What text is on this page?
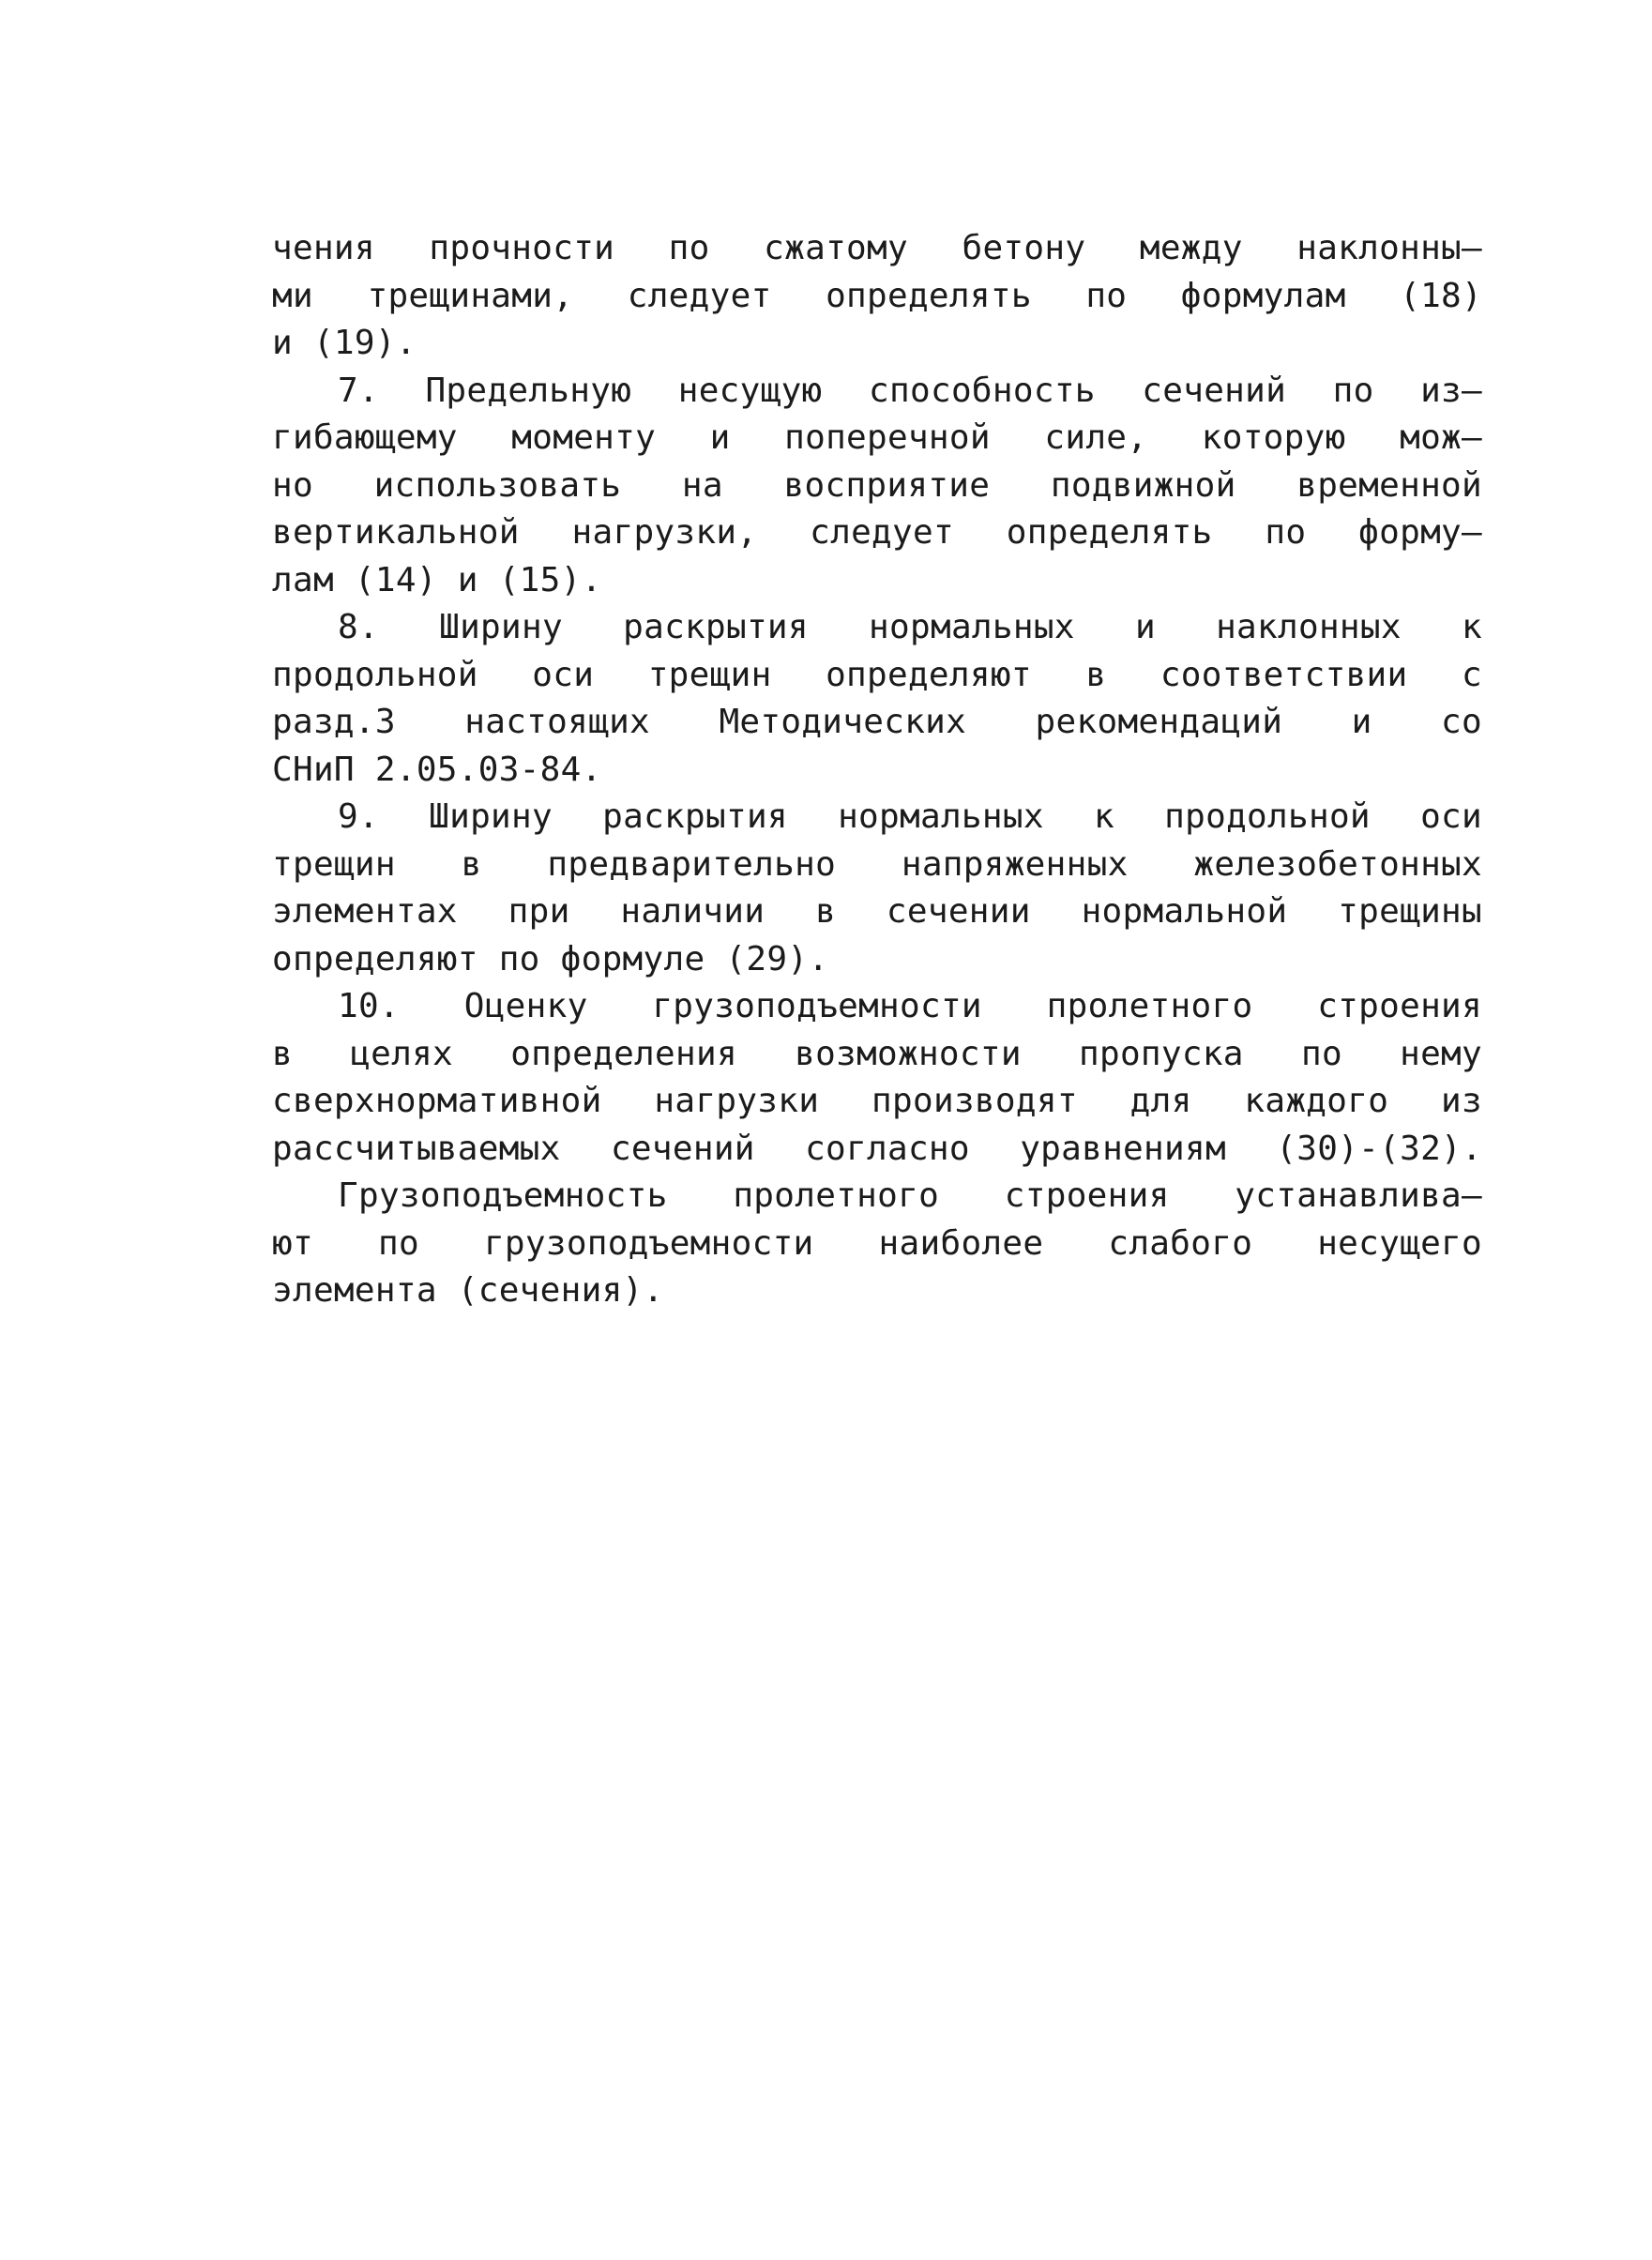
чения прочности по сжатому бетону между наклонны–
ми трещинами, следует определять по формулам (18)
и (19).
7. Предельную несущую способность сечений по из–
гибающему моменту и поперечной силе, которую мож–
но использовать на восприятие подвижной временной
вертикальной нагрузки, следует определять по форму–
лам (14) и (15).
8. Ширину раскрытия нормальных и наклонных к
продольной оси трещин определяют в соответствии с
разд.3 настоящих Методических рекомендаций и со
СНиП 2.05.03-84.
9. Ширину раскрытия нормальных к продольной оси
трещин в предварительно напряженных железобетонных
элементах при наличии в сечении нормальной трещины
определяют по формуле (29).
10. Оценку грузоподъемности пролетного строения
в целях определения возможности пропуска по нему
сверхнормативной нагрузки производят для каждого из
рассчитываемых сечений согласно уравнениям (30)-(32).
Грузоподъемность пролетного строения устанавлива–
ют по грузоподъемности наиболее слабого несущего
элемента (сечения).
